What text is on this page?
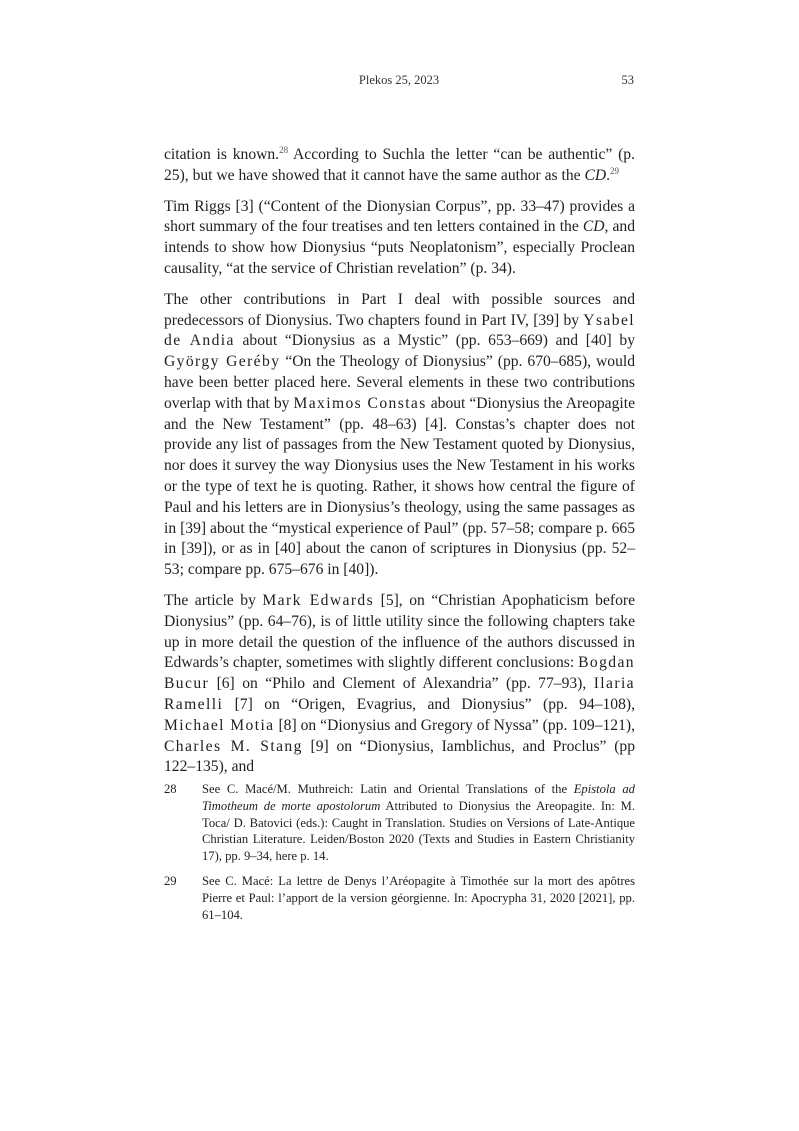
Plekos 25, 2023	53

citation is known.$^{28}$ According to Suchla the letter “can be authentic” (p. 25), but we have showed that it cannot have the same author as the CD.$^{29}$

Tim Riggs [3] (“Content of the Dionysian Corpus”, pp. 33–47) provides a short summary of the four treatises and ten letters contained in the CD, and intends to show how Dionysius “puts Neoplatonism”, especially Proclean causality, “at the service of Christian revelation” (p. 34).

The other contributions in Part I deal with possible sources and predecessors of Dionysius. Two chapters found in Part IV, [39] by Ysabel de Andia about “Dionysius as a Mystic” (pp. 653–669) and [40] by György Geréby “On the Theology of Dionysius” (pp. 670–685), would have been better placed here. Several elements in these two contributions overlap with that by Maximos Constas about “Dionysius the Areopagite and the New Testament” (pp. 48–63) [4]. Constas’s chapter does not provide any list of passages from the New Testament quoted by Dionysius, nor does it survey the way Dionysius uses the New Testament in his works or the type of text he is quoting. Rather, it shows how central the figure of Paul and his letters are in Dionysius’s theology, using the same passages as in [39] about the “mystical experience of Paul” (pp. 57–58; compare p. 665 in [39]), or as in [40] about the canon of scriptures in Dionysius (pp. 52–53; compare pp. 675–676 in [40]).

The article by Mark Edwards [5], on “Christian Apophaticism before Dionysius” (pp. 64–76), is of little utility since the following chapters take up in more detail the question of the influence of the authors discussed in Edwards’s chapter, sometimes with slightly different conclusions: Bogdan Bucur [6] on “Philo and Clement of Alexandria” (pp. 77–93), Ilaria Ramelli [7] on “Origen, Evagrius, and Dionysius” (pp. 94–108), Michael Motia [8] on “Dionysius and Gregory of Nyssa” (pp. 109–121), Charles M. Stang [9] on “Dionysius, Iamblichus, and Proclus” (pp 122–135), and

28	See C. Macé/M. Muthreich: Latin and Oriental Translations of the Epistola ad Timotheum de morte apostolorum Attributed to Dionysius the Areopagite. In: M. Toca/ D. Batovici (eds.): Caught in Translation. Studies on Versions of Late-Antique Christian Literature. Leiden/Boston 2020 (Texts and Studies in Eastern Christianity 17), pp. 9–34, here p. 14.
29	See C. Macé: La lettre de Denys l’Aréopagite à Timothée sur la mort des apôtres Pierre et Paul: l’apport de la version géorgienne. In: Apocrypha 31, 2020 [2021], pp. 61–104.
